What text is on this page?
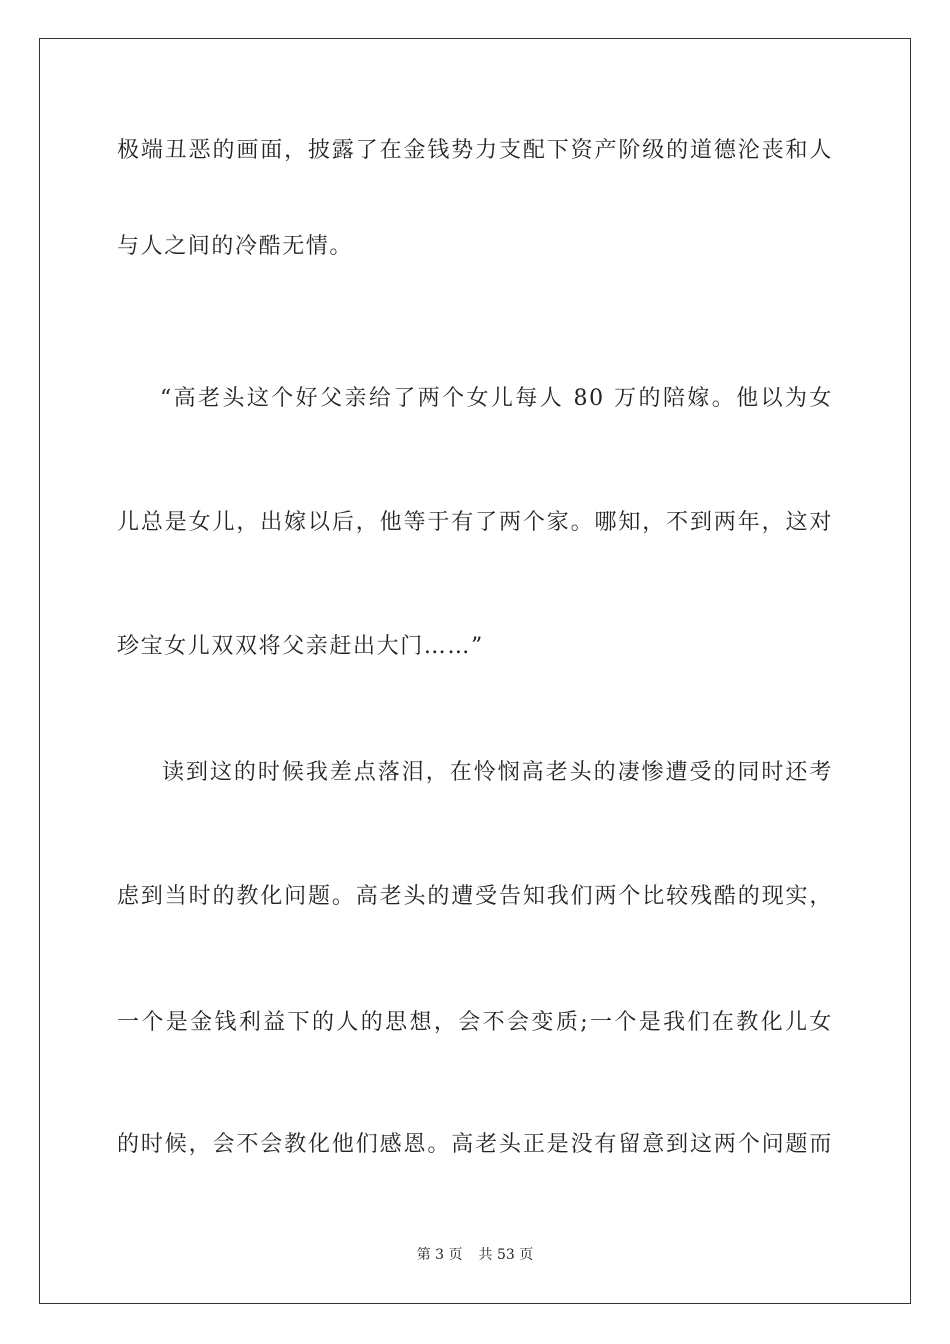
极端丑恶的画面，披露了在金钱势力支配下资产阶级的道德沦丧和人
与人之间的冷酷无情。
“高老头这个好父亲给了两个女儿每人 80 万的陪嫁。他以为女
儿总是女儿，出嫁以后，他等于有了两个家。哪知，不到两年，这对
珍宝女儿双双将父亲赶出大门……”
读到这的时候我差点落泪，在怜悯高老头的凄惨遭受的同时还考
虑到当时的教化问题。高老头的遭受告知我们两个比较残酷的现实，
一个是金钱利益下的人的思想，会不会变质;一个是我们在教化儿女
的时候，会不会教化他们感恩。高老头正是没有留意到这两个问题而
第 3 页 共 53 页
